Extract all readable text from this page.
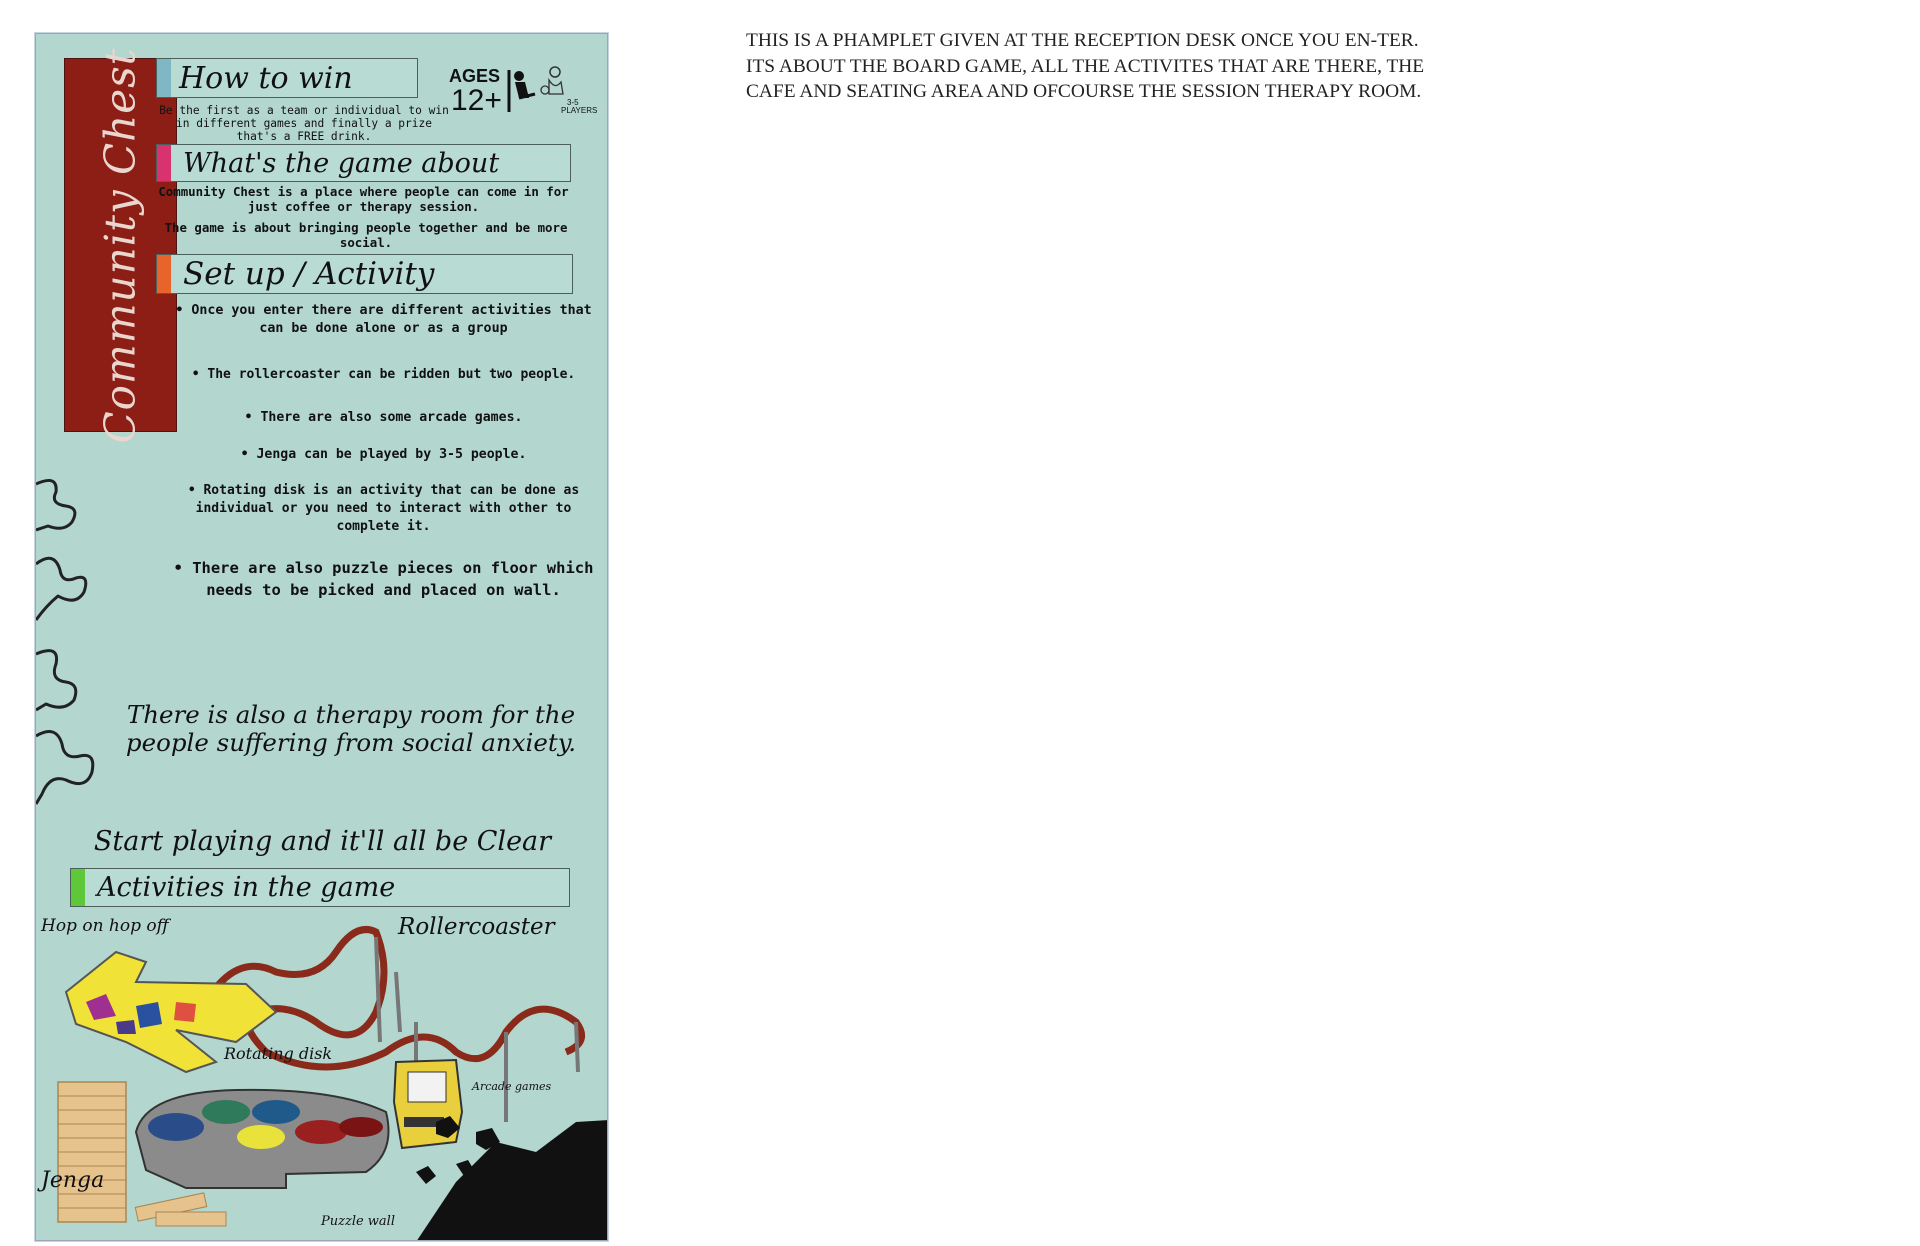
Community Chest	How to win
Be the first as a team or individual to win in different games and finally a prize that's a FREE drink.
AGES
12+	3-5
PLAYERS
What's the game about
Community Chest is a place where people can come in for just coffee or therapy session.
The game is about bringing people together and be more social.
Set up / Activity
• Once you enter there are different activities that can be done alone or as a group
• The rollercoaster can be ridden but two people.
• There are also some arcade games.
• Jenga can be played by 3-5 people.
• Rotating disk is an activity that can be done as individual or you need to interact with other to complete it.
• There are also puzzle pieces on floor which needs to be picked and placed on wall.
There is also a therapy room for the people suffering from social anxiety.
Start playing and it'll all be Clear
Activities in the game
Hop on hop off	Rollercoaster
Rotating disk
Arcade games
Jenga
Puzzle wall
THIS IS A PHAMPLET GIVEN AT THE RECEPTION DESK ONCE YOU EN-TER. ITS ABOUT THE BOARD GAME, ALL THE ACTIVITES THAT ARE THERE, THE CAFE AND SEATING AREA AND OFCOURSE THE SESSION THERAPY ROOM.
